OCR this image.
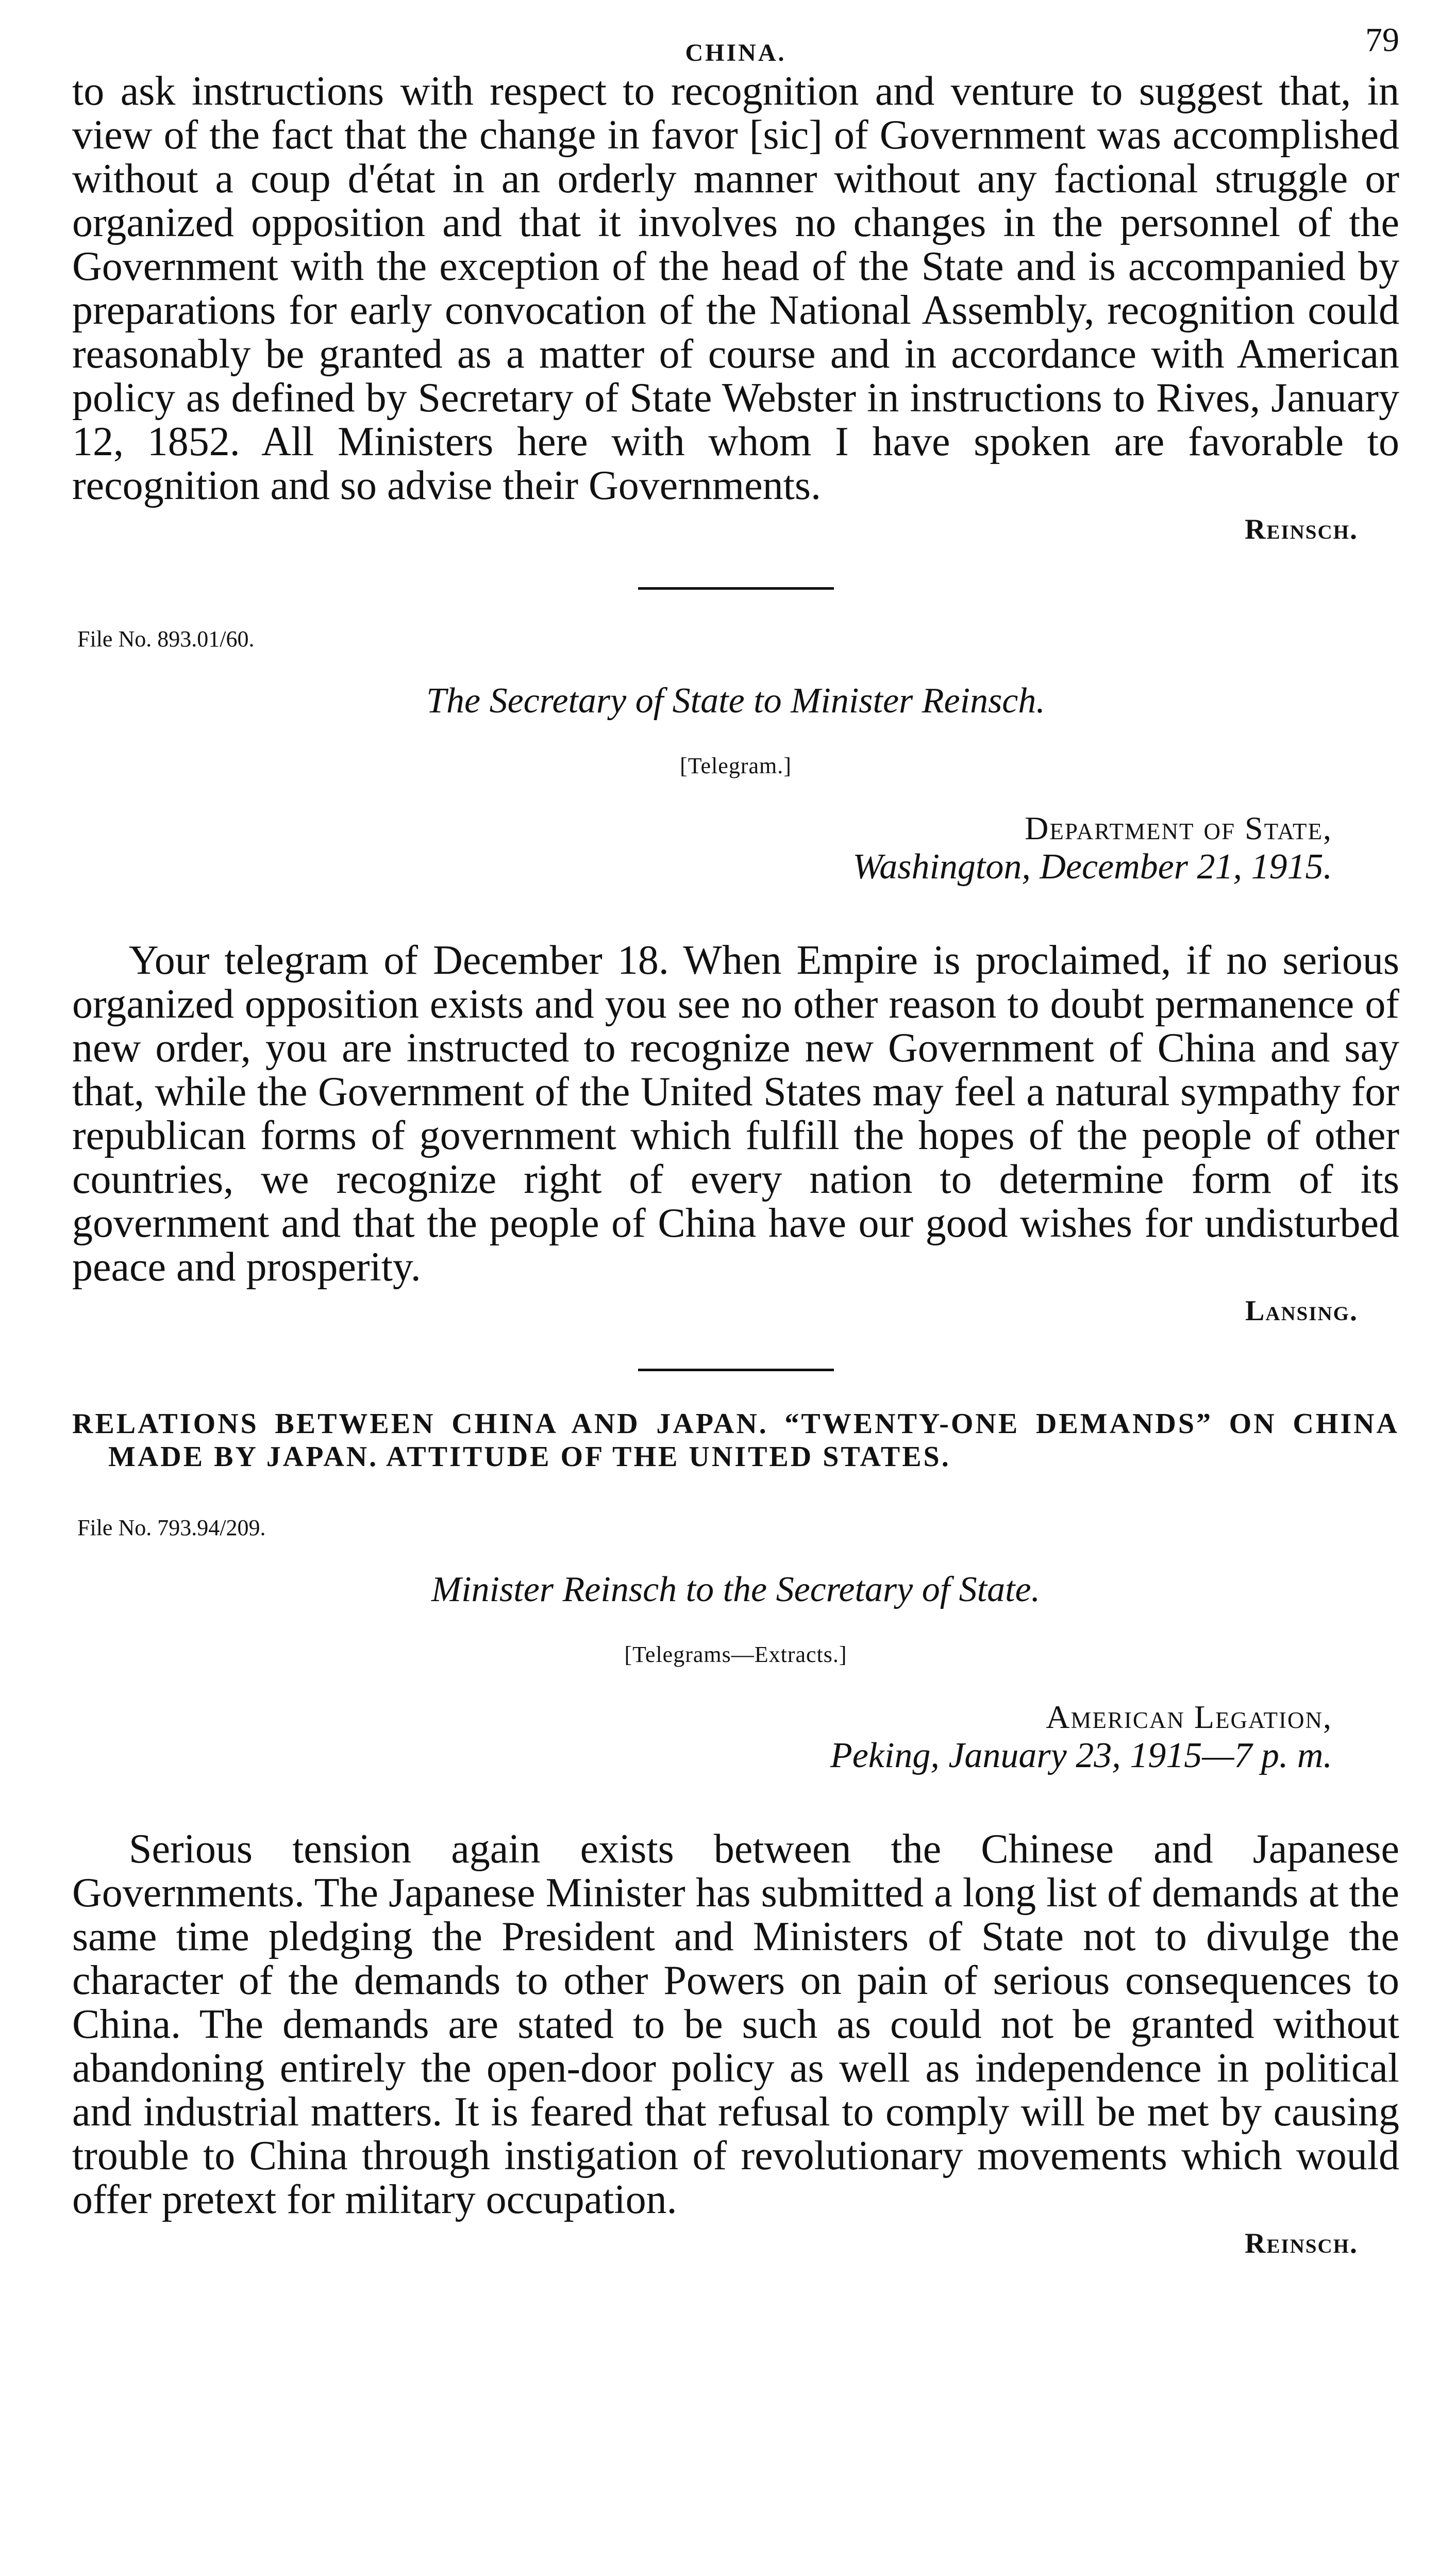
CHINA.	79

to ask instructions with respect to recognition and venture to suggest that, in view of the fact that the change in favor [sic] of Government was accomplished without a coup d'état in an orderly manner without any factional struggle or organized opposition and that it involves no changes in the personnel of the Government with the exception of the head of the State and is accompanied by preparations for early convocation of the National Assembly, recognition could reasonably be granted as a matter of course and in accordance with American policy as defined by Secretary of State Webster in instructions to Rives, January 12, 1852. All Ministers here with whom I have spoken are favorable to recognition and so advise their Governments.

Reinsch.
File No. 893.01/60.
The Secretary of State to Minister Reinsch.
[Telegram.]
Department of State,
Washington, December 21, 1915.

Your telegram of December 18. When Empire is proclaimed, if no serious organized opposition exists and you see no other reason to doubt permanence of new order, you are instructed to recognize new Government of China and say that, while the Government of the United States may feel a natural sympathy for republican forms of government which fulfill the hopes of the people of other countries, we recognize right of every nation to determine form of its government and that the people of China have our good wishes for undisturbed peace and prosperity.

Lansing.
RELATIONS BETWEEN CHINA AND JAPAN. “TWENTY-ONE DEMANDS” ON CHINA MADE BY JAPAN. ATTITUDE OF THE UNITED STATES.
File No. 793.94/209.
Minister Reinsch to the Secretary of State.
[Telegrams—Extracts.]
American Legation,
Peking, January 23, 1915—7 p. m.

Serious tension again exists between the Chinese and Japanese Governments. The Japanese Minister has submitted a long list of demands at the same time pledging the President and Ministers of State not to divulge the character of the demands to other Powers on pain of serious consequences to China. The demands are stated to be such as could not be granted without abandoning entirely the open-door policy as well as independence in political and industrial matters. It is feared that refusal to comply will be met by causing trouble to China through instigation of revolutionary movements which would offer pretext for military occupation.

Reinsch.
